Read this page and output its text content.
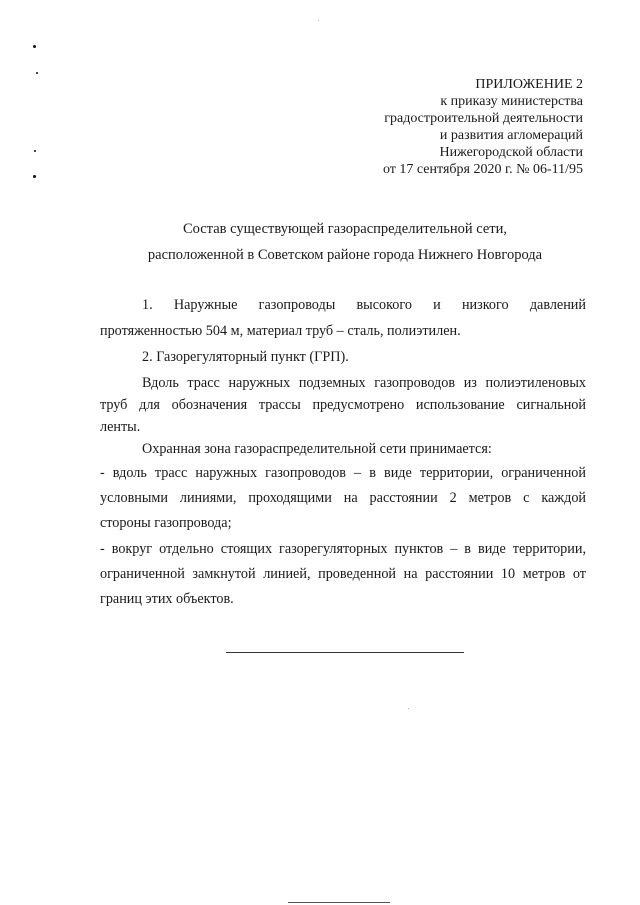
ПРИЛОЖЕНИЕ 2
к приказу министерства
градостроительной деятельности
и развития агломераций
Нижегородской области
от 17 сентября 2020 г. № 06-11/95
Состав существующей газораспределительной сети,
расположенной в Советском районе города Нижнего Новгорода
1. Наружные газопроводы высокого и низкого давлений
протяженностью 504 м, материал труб – сталь, полиэтилен.
2. Газорегуляторный пункт (ГРП).
Вдоль трасс наружных подземных газопроводов из полиэтиленовых
труб для обозначения трассы предусмотрено использование сигнальной
ленты.
Охранная зона газораспределительной сети принимается:
- вдоль трасс наружных газопроводов – в виде территории, ограниченной
условными линиями, проходящими на расстоянии 2 метров с каждой
стороны газопровода;
- вокруг отдельно стоящих газорегуляторных пунктов – в виде территории,
ограниченной замкнутой линией, проведенной на расстоянии 10 метров от
границ этих объектов.
